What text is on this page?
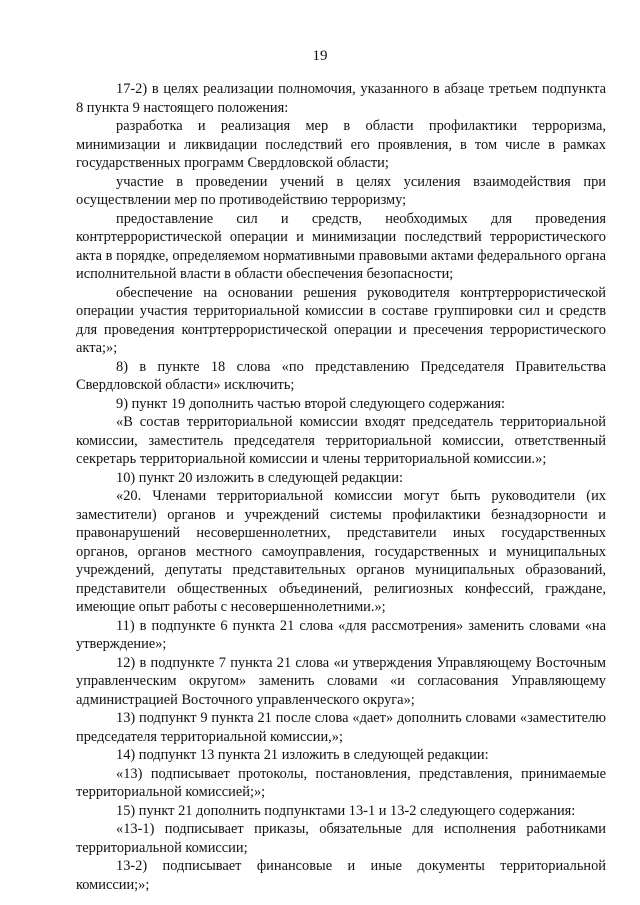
19

17-2) в целях реализации полномочия, указанного в абзаце третьем подпункта 8 пункта 9 настоящего положения:

разработка и реализация мер в области профилактики терроризма, минимизации и ликвидации последствий его проявления, в том числе в рамках государственных программ Свердловской области;

участие в проведении учений в целях усиления взаимодействия при осуществлении мер по противодействию терроризму;

предоставление сил и средств, необходимых для проведения контртеррористической операции и минимизации последствий террористического акта в порядке, определяемом нормативными правовыми актами федерального органа исполнительной власти в области обеспечения безопасности;

обеспечение на основании решения руководителя контртеррористической операции участия территориальной комиссии в составе группировки сил и средств для проведения контртеррористической операции и пресечения террористического акта;»;

8) в пункте 18 слова «по представлению Председателя Правительства Свердловской области» исключить;

9) пункт 19 дополнить частью второй следующего содержания:

«В состав территориальной комиссии входят председатель территориальной комиссии, заместитель председателя территориальной комиссии, ответственный секретарь территориальной комиссии и члены территориальной комиссии.»;

10) пункт 20 изложить в следующей редакции:

«20. Членами территориальной комиссии могут быть руководители (их заместители) органов и учреждений системы профилактики безнадзорности и правонарушений несовершеннолетних, представители иных государственных органов, органов местного самоуправления, государственных и муниципальных учреждений, депутаты представительных органов муниципальных образований, представители общественных объединений, религиозных конфессий, граждане, имеющие опыт работы с несовершеннолетними.»;

11) в подпункте 6 пункта 21 слова «для рассмотрения» заменить словами «на утверждение»;

12) в подпункте 7 пункта 21 слова «и утверждения Управляющему Восточным управленческим округом» заменить словами «и согласования Управляющему администрацией Восточного управленческого округа»;

13) подпункт 9 пункта 21 после слова «дает» дополнить словами «заместителю председателя территориальной комиссии,»;

14) подпункт 13 пункта 21 изложить в следующей редакции:

«13) подписывает протоколы, постановления, представления, принимаемые территориальной комиссией;»;

15) пункт 21 дополнить подпунктами 13-1 и 13-2 следующего содержания:

«13-1) подписывает приказы, обязательные для исполнения работниками территориальной комиссии;

13-2) подписывает финансовые и иные документы территориальной комиссии;»;
